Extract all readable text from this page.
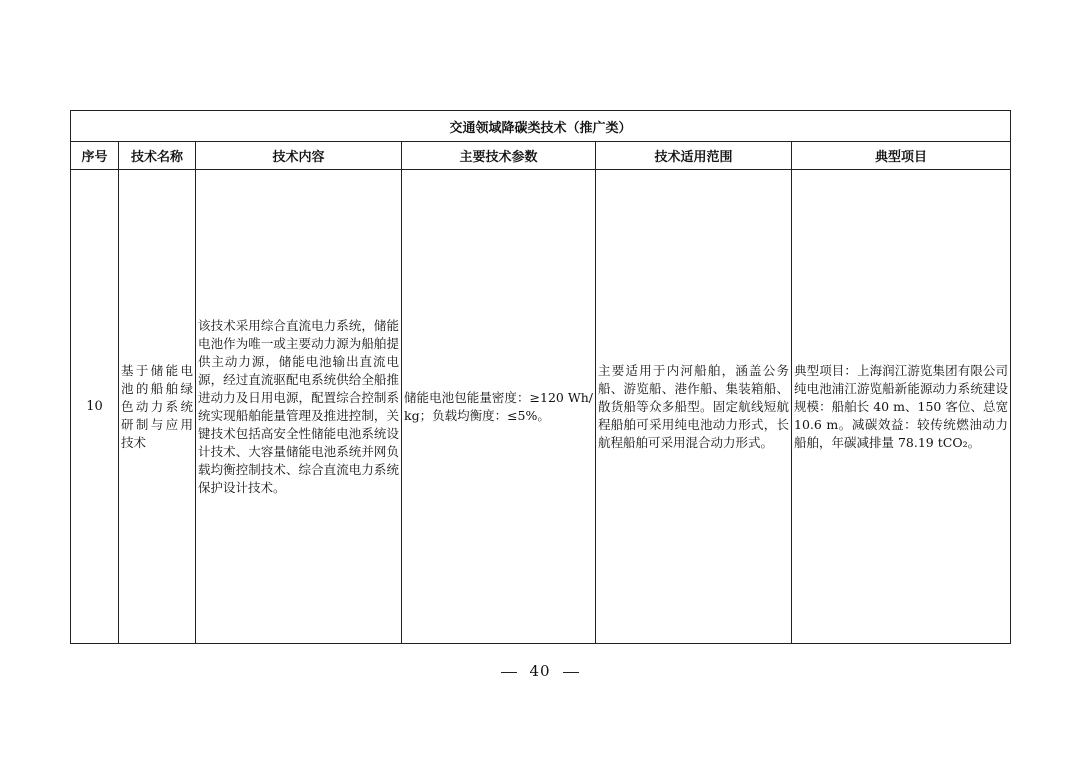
交通领域降碳类技术（推广类）					
序号	技术名称	技术内容	主要技术参数	技术适用范围	典型项目
10	基于储能电池的船舶绿色动力系统研制与应用技术	该技术采用综合直流电力系统，储能电池作为唯一或主要动力源为船舶提供主动力源，储能电池输出直流电源，经过直流驱配电系统供给全船推进动力及日用电源，配置综合控制系统实现船舶能量管理及推进控制，关键技术包括高安全性储能电池系统设计技术、大容量储能电池系统并网负载均衡控制技术、综合直流电力系统保护设计技术。	储能电池包能量密度：≥120 Wh/kg；负载均衡度：≤5%。	主要适用于内河船舶，涵盖公务船、游览船、港作船、集装箱船、散货船等众多船型。固定航线短航程船舶可采用纯电池动力形式，长航程船舶可采用混合动力形式。	典型项目：上海润江游览集团有限公司纯电池浦江游览船新能源动力系统建设规模：船舶长 40 m、150 客位、总宽 10.6 m。减碳效益：较传统燃油动力船舶，年碳减排量 78.19 tCO₂。
40
